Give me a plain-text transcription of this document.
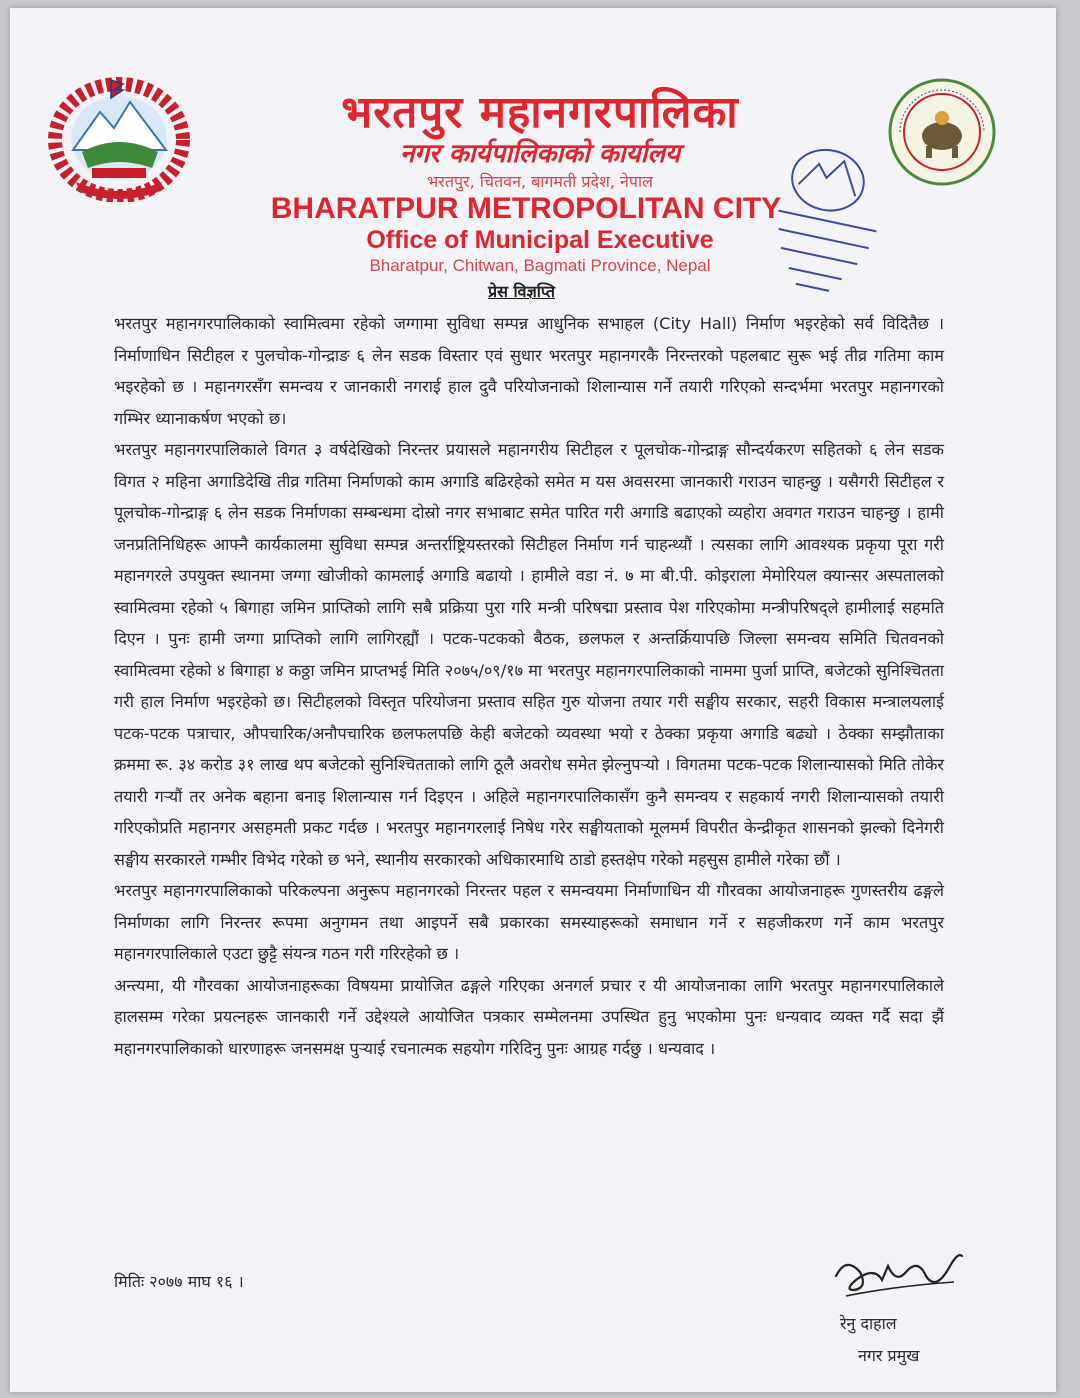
भरतपुर महानगरपालिका
नगर कार्यपालिकाको कार्यालय
भरतपुर, चितवन, बागमती प्रदेश, नेपाल
BHARATPUR METROPOLITAN CITY
Office of Municipal Executive
Bharatpur, Chitwan, Bagmati Province, Nepal
प्रेस विज्ञप्ति

भरतपुर महानगरपालिकाको स्वामित्वमा रहेको जग्गामा सुविधा सम्पन्न आधुनिक सभाहल (City Hall) निर्माण भइरहेको सर्व विदितैछ । निर्माणाधिन सिटीहल र पुलचोक-गोन्द्राङ ६ लेन सडक विस्तार एवं सुधार भरतपुर महानगरकै निरन्तरको पहलबाट सुरू भई तीव्र गतिमा काम भइरहेको छ । महानगरसँग समन्वय र जानकारी नगराई हाल दुवै परियोजनाको शिलान्यास गर्ने तयारी गरिएको सन्दर्भमा भरतपुर महानगरको गम्भिर ध्यानाकर्षण भएको छ।

भरतपुर महानगरपालिकाले विगत ३ वर्षदेखिको निरन्तर प्रयासले महानगरीय सिटीहल र पूलचोक-गोन्द्राङ्ग सौन्दर्यकरण सहितको ६ लेन सडक विगत २ महिना अगाडिदेखि तीव्र गतिमा निर्माणको काम अगाडि बढिरहेको समेत म यस अवसरमा जानकारी गराउन चाहन्छु । यसैगरी सिटीहल र पूलचोक-गोन्द्राङ्ग ६ लेन सडक निर्माणका सम्बन्धमा दोस्रो नगर सभाबाट समेत पारित गरी अगाडि बढाएको व्यहोरा अवगत गराउन चाहन्छु । हामी जनप्रतिनिधिहरू आफ्नै कार्यकालमा सुविधा सम्पन्न अन्तर्राष्ट्रियस्तरको सिटीहल निर्माण गर्न चाहन्थ्यौं । त्यसका लागि आवश्यक प्रकृया पूरा गरी महानगरले उपयुक्त स्थानमा जग्गा खोजीको कामलाई अगाडि बढायो । हामीले वडा नं. ७ मा बी.पी. कोइराला मेमोरियल क्यान्सर अस्पतालको स्वामित्वमा रहेको ५ बिगाहा जमिन प्राप्तिको लागि सबै प्रक्रिया पुरा गरि मन्त्री परिषद्मा प्रस्ताव पेश गरिएकोमा मन्त्रीपरिषद्ले हामीलाई सहमति दिएन । पुनः हामी जग्गा प्राप्तिको लागि लागिरह्यौं । पटक-पटकको बैठक, छलफल र अन्तर्क्रियापछि जिल्ला समन्वय समिति चितवनको स्वामित्वमा रहेको ४ बिगाहा ४ कठ्ठा जमिन प्राप्तभई मिति २०७५/०९/१७ मा भरतपुर महानगरपालिकाको नाममा पुर्जा प्राप्ति, बजेटको सुनिश्चितता गरी हाल निर्माण भइरहेको छ। सिटीहलको विस्तृत परियोजना प्रस्ताव सहित गुरु योजना तयार गरी सङ्घीय सरकार, सहरी विकास मन्त्रालयलाई पटक-पटक पत्राचार, औपचारिक/अनौपचारिक छलफलपछि केही बजेटको व्यवस्था भयो र ठेक्का प्रकृया अगाडि बढ्यो । ठेक्का सम्झौताका क्रममा रू. ३४ करोड ३१ लाख थप बजेटको सुनिश्चितताको लागि ठूलै अवरोध समेत झेल्नुपर्‍यो । विगतमा पटक-पटक शिलान्यासको मिति तोकेर तयारी गर्‍यौं तर अनेक बहाना बनाइ शिलान्यास गर्न दिइएन । अहिले महानगरपालिकासँग कुनै समन्वय र सहकार्य नगरी शिलान्यासको तयारी गरिएकोप्रति महानगर असहमती प्रकट गर्दछ । भरतपुर महानगरलाई निषेध गरेर सङ्घीयताको मूलमर्म विपरीत केन्द्रीकृत शासनको झल्को दिनेगरी सङ्घीय सरकारले गम्भीर विभेद गरेको छ भने, स्थानीय सरकारको अधिकारमाथि ठाडो हस्तक्षेप गरेको महसुस हामीले गरेका छौं ।

भरतपुर महानगरपालिकाको परिकल्पना अनुरूप महानगरको निरन्तर पहल र समन्वयमा निर्माणाधिन यी गौरवका आयोजनाहरू गुणस्तरीय ढङ्गले निर्माणका लागि निरन्तर रूपमा अनुगमन तथा आइपर्ने सबै प्रकारका समस्याहरूको समाधान गर्ने र सहजीकरण गर्ने काम भरतपुर महानगरपालिकाले एउटा छुट्टै संयन्त्र गठन गरी गरिरहेको छ ।

अन्त्यमा, यी गौरवका आयोजनाहरूका विषयमा प्रायोजित ढङ्गले गरिएका अनगर्ल प्रचार र यी आयोजनाका लागि भरतपुर महानगरपालिकाले हालसम्म गरेका प्रयत्नहरू जानकारी गर्ने उद्देश्यले आयोजित पत्रकार सम्मेलनमा उपस्थित हुनु भएकोमा पुनः धन्यवाद व्यक्त गर्दै सदा झैं महानगरपालिकाको धारणाहरू जनसमक्ष पुर्‍याई रचनात्मक सहयोग गरिदिनु पुनः आग्रह गर्दछु । धन्यवाद ।

मितिः २०७७ माघ १६ ।
रेनु दाहाल
नगर प्रमुख
